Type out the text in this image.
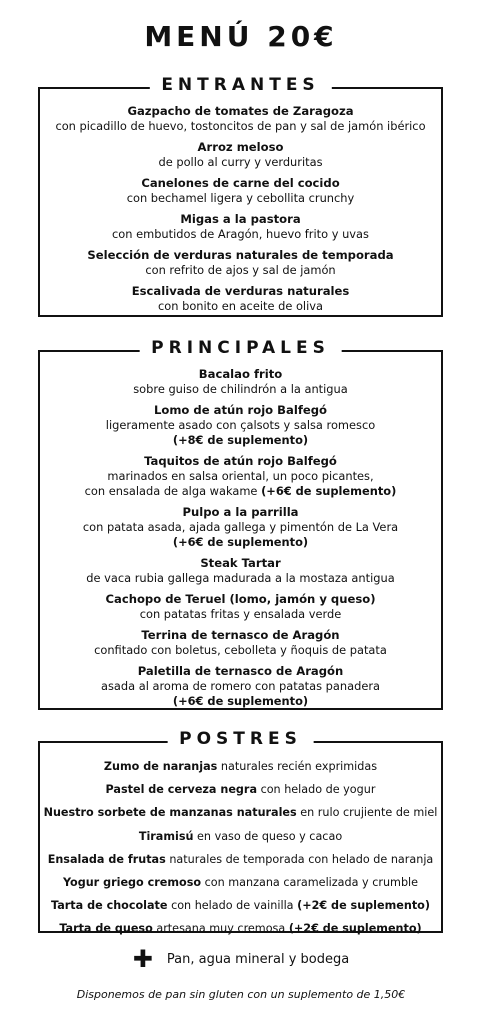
MENÚ 20€
ENTRANTES
Gazpacho de tomates de Zaragoza
con picadillo de huevo, tostoncitos de pan y sal de jamón ibérico
Arroz meloso
de pollo al curry y verduritas
Canelones de carne del cocido
con bechamel ligera y cebollita crunchy
Migas a la pastora
con embutidos de Aragón, huevo frito y uvas
Selección de verduras naturales de temporada
con refrito de ajos y sal de jamón
Escalivada de verduras naturales
con bonito en aceite de oliva
PRINCIPALES
Bacalao frito
sobre guiso de chilindrón a la antigua
Lomo de atún rojo Balfegó
ligeramente asado con çalsots y salsa romesco
(+8€ de suplemento)
Taquitos de atún rojo Balfegó
marinados en salsa oriental, un poco picantes,
con ensalada de alga wakame (+6€ de suplemento)
Pulpo a la parrilla
con patata asada, ajada gallega y pimentón de La Vera
(+6€ de suplemento)
Steak Tartar
de vaca rubia gallega madurada a la mostaza antigua
Cachopo de Teruel (lomo, jamón y queso)
con patatas fritas y ensalada verde
Terrina de ternasco de Aragón
confitado con boletus, cebolleta y ñoquis de patata
Paletilla de ternasco de Aragón
asada al aroma de romero con patatas panadera
(+6€ de suplemento)
POSTRES
Zumo de naranjas naturales recién exprimidas
Pastel de cerveza negra con helado de yogur
Nuestro sorbete de manzanas naturales en rulo crujiente de miel
Tiramisú en vaso de queso y cacao
Ensalada de frutas naturales de temporada con helado de naranja
Yogur griego cremoso con manzana caramelizada y crumble
Tarta de chocolate con helado de vainilla (+2€ de suplemento)
Tarta de queso artesana muy cremosa (+2€ de suplemento)
✚ Pan, agua mineral y bodega
Disponemos de pan sin gluten con un suplemento de 1,50€
